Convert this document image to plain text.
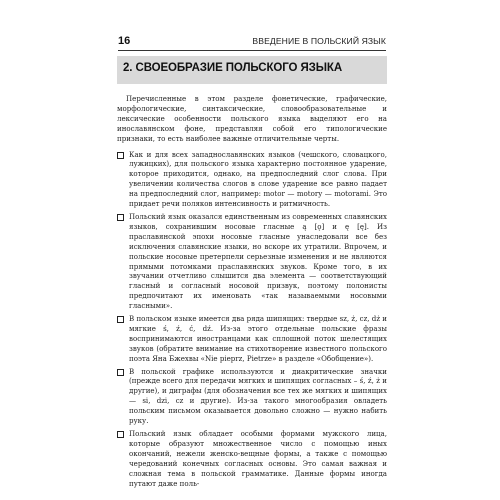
16	ВВЕДЕНИЕ В ПОЛЬСКИЙ ЯЗЫК
2. СВОЕОБРАЗИЕ ПОЛЬСКОГО ЯЗЫКА

Перечисленные в этом разделе фонетические, графические, морфологические, синтаксические, словообразовательные и лексические особенности польского языка выделяют его на инославянском фоне, представляя собой его типологические признаки, то есть наиболее важные отличительные черты.

Как и для всех западнославянских языков (чешского, словацкого, лужицких), для польского языка характерно постоянное ударение, которое приходится, однако, на предпоследний слог слова. При увеличении количества слогов в слове ударение все равно падает на предпоследний слог, например: motor — motory — motorami. Это придает речи поляков интенсивность и ритмичность.
Польский язык оказался единственным из современных славянских языков, сохранившим носовые гласные ą [ǫ] и ę [ę]. Из праславянской эпохи носовые гласные унаследовали все без исключения славянские языки, но вскоре их утратили. Впрочем, и польские носовые претерпели серьезные изменения и не являются прямыми потомками праславянских звуков. Кроме того, в их звучании отчетливо слышится два элемента — соответствующий гласный и согласный носовой призвук, поэтому полонисты предпочитают их именовать «так называемыми носовыми гласными».
В польском языке имеется два ряда шипящих: твердые sz, ż, cz, dż и мягкие ś, ź, ć, dź. Из-за этого отдельные польские фразы воспринимаются иностранцами как сплошной поток шелестящих звуков (обратите внимание на стихотворение известного польского поэта Яна Бжехвы «Nie pieprz, Pietrze» в разделе «Обобщение»).
В польской графике используются и диакритические значки (прежде всего для передачи мягких и шипящих согласных – ś, ź, ż и другие), и диграфы (для обозначения все тех же мягких и шипящих — si, dzi, cz и другие). Из-за такого многообразия овладеть польским письмом оказывается довольно сложно — нужно набить руку.
Польский язык обладает особыми формами мужского лица, которые образуют множественное число с помощью иных окончаний, нежели женско-вещные формы, а также с помощью чередований конечных согласных основы. Это самая важная и сложная тема в польской грамматике. Данные формы иногда путают даже поль-
